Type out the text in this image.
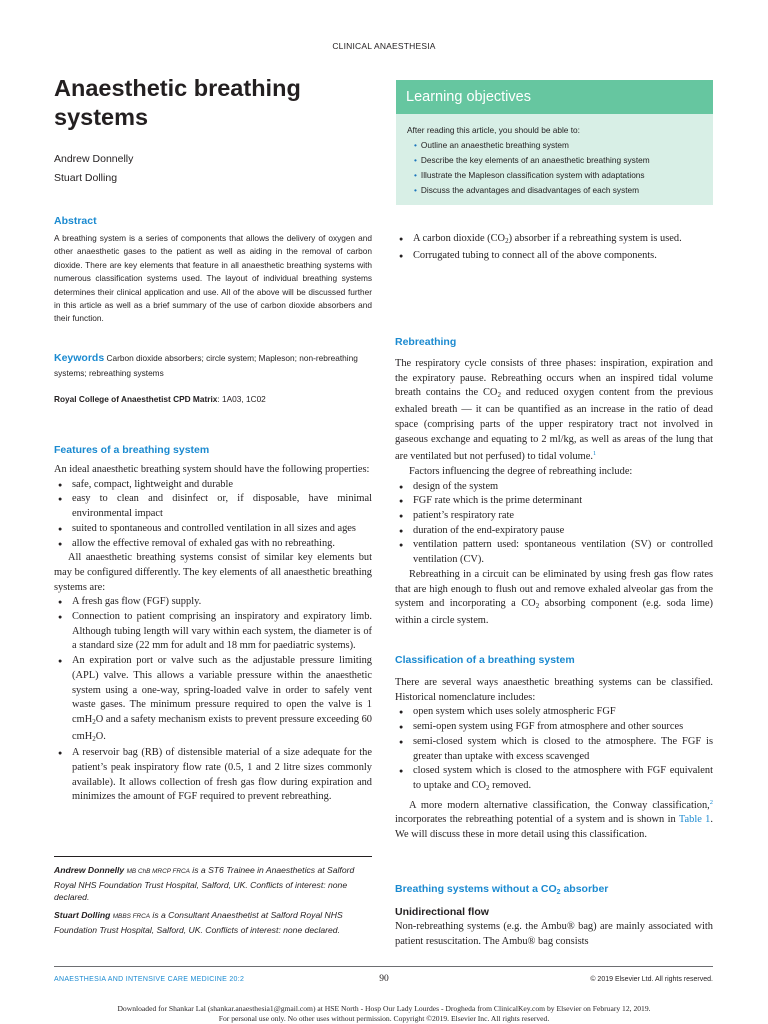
CLINICAL ANAESTHESIA
Anaesthetic breathing systems
Andrew Donnelly
Stuart Dolling
Learning objectives
After reading this article, you should be able to:
• Outline an anaesthetic breathing system
• Describe the key elements of an anaesthetic breathing system
• Illustrate the Mapleson classification system with adaptations
• Discuss the advantages and disadvantages of each system
Abstract
A breathing system is a series of components that allows the delivery of oxygen and other anaesthetic gases to the patient as well as aiding in the removal of carbon dioxide. There are key elements that feature in all anaesthetic breathing systems with numerous classification systems used. The layout of individual breathing systems determines their clinical application and use. All of the above will be discussed further in this article as well as a brief summary of the use of carbon dioxide absorbers and their function.
Keywords Carbon dioxide absorbers; circle system; Mapleson; non-rebreathing systems; rebreathing systems
Royal College of Anaesthetist CPD Matrix: 1A03, 1C02
Features of a breathing system
An ideal anaesthetic breathing system should have the following properties:
● safe, compact, lightweight and durable
● easy to clean and disinfect or, if disposable, have minimal environmental impact
● suited to spontaneous and controlled ventilation in all sizes and ages
● allow the effective removal of exhaled gas with no rebreathing.
All anaesthetic breathing systems consist of similar key elements but may be configured differently. The key elements of all anaesthetic breathing systems are:
● A fresh gas flow (FGF) supply.
● Connection to patient comprising an inspiratory and expiratory limb. Although tubing length will vary within each system, the diameter is of a standard size (22 mm for adult and 18 mm for paediatric systems).
● An expiration port or valve such as the adjustable pressure limiting (APL) valve. This allows a variable pressure within the anaesthetic system using a one-way, spring-loaded valve in order to safely vent waste gases. The minimum pressure required to open the valve is 1 cmH$_2$O and a safety mechanism exists to prevent pressure exceeding 60 cmH$_2$O.
● A reservoir bag (RB) of distensible material of a size adequate for the patient’s peak inspiratory flow rate (0.5, 1 and 2 litre sizes commonly available). It allows collection of fresh gas flow during expiration and minimizes the amount of FGF required to prevent rebreathing.
Andrew Donnelly MB ChB MRCP FRCA is a ST6 Trainee in Anaesthetics at Salford Royal NHS Foundation Trust Hospital, Salford, UK. Conflicts of interest: none declared.
Stuart Dolling MBBS FRCA is a Consultant Anaesthetist at Salford Royal NHS Foundation Trust Hospital, Salford, UK. Conflicts of interest: none declared.
● A carbon dioxide $(CO_2)$ absorber if a rebreathing system is used.
● Corrugated tubing to connect all of the above components.
Rebreathing
The respiratory cycle consists of three phases: inspiration, expiration and the expiratory pause. Rebreathing occurs when an inspired tidal volume breath contains the $CO_2$ and reduced oxygen content from the previous exhaled breath — it can be quantified as an increase in the ratio of dead space (comprising parts of the upper respiratory tract not involved in gaseous exchange and equating to 2 ml/kg, as well as areas of the lung that are ventilated but not perfused) to tidal volume.$^1$
Factors influencing the degree of rebreathing include:
● design of the system
● FGF rate which is the prime determinant
● patient’s respiratory rate
● duration of the end-expiratory pause
● ventilation pattern used: spontaneous ventilation (SV) or controlled ventilation (CV).
Rebreathing in a circuit can be eliminated by using fresh gas flow rates that are high enough to flush out and remove exhaled alveolar gas from the system and incorporating a $CO_2$ absorbing component (e.g. soda lime) within a circle system.
Classification of a breathing system
There are several ways anaesthetic breathing systems can be classified. Historical nomenclature includes:
● open system which uses solely atmospheric FGF
● semi-open system using FGF from atmosphere and other sources
● semi-closed system which is closed to the atmosphere. The FGF is greater than uptake with excess scavenged
● closed system which is closed to the atmosphere with FGF equivalent to uptake and $CO_2$ removed.
A more modern alternative classification, the Conway classification,$^2$ incorporates the rebreathing potential of a system and is shown in Table 1. We will discuss these in more detail using this classification.
Breathing systems without a $CO_2$ absorber
Unidirectional flow
Non-rebreathing systems (e.g. the Ambu® bag) are mainly associated with patient resuscitation. The Ambu® bag consists
ANAESTHESIA AND INTENSIVE CARE MEDICINE 20:2	90	© 2019 Elsevier Ltd. All rights reserved.
Downloaded for Shankar Lal (shankar.anaesthesia1@gmail.com) at HSE North - Hosp Our Lady Lourdes - Drogheda from ClinicalKey.com by Elsevier on February 12, 2019.
For personal use only. No other uses without permission. Copyright ©2019. Elsevier Inc. All rights reserved.
